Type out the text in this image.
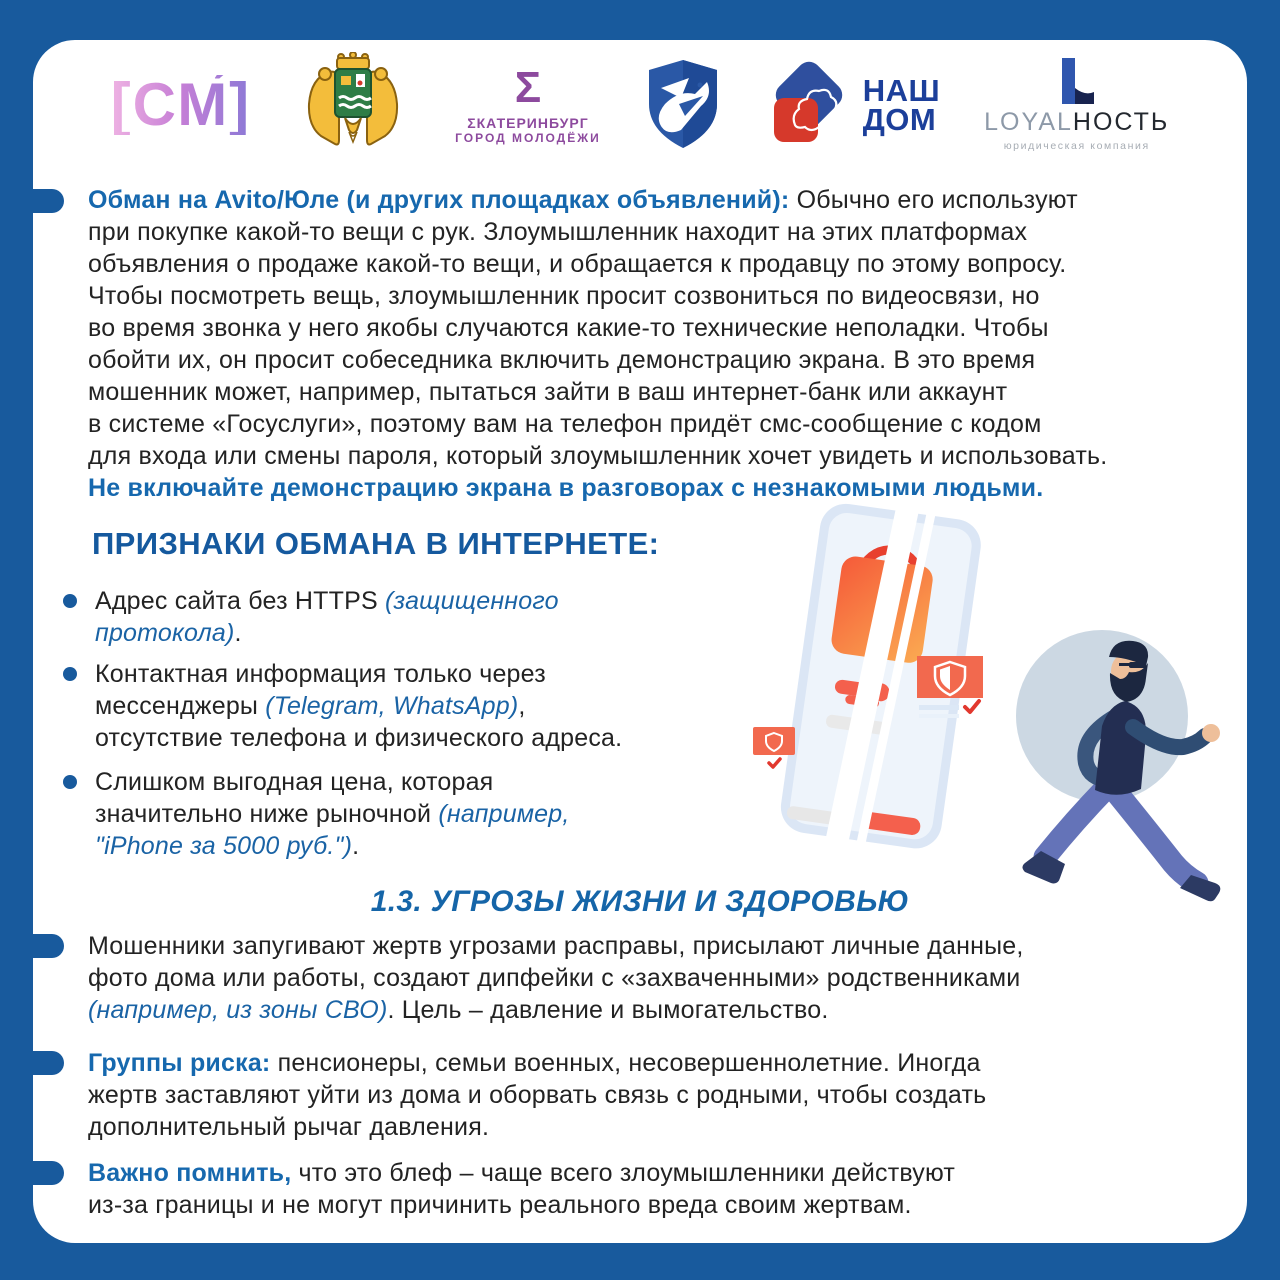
[СМ́]	Σ
ΣКАТЕРИНБУРГ
ГОРОД МОЛОДЁЖИ
НАШ
ДОМ LOYALНОСТЬ
юридическая компания

Обман на Avito/Юле (и других площадках объявлений): Обычно его используют
при покупке какой-то вещи с рук. Злоумышленник находит на этих платформах
объявления о продаже какой-то вещи, и обращается к продавцу по этому вопросу.
Чтобы посмотреть вещь, злоумышленник просит созвониться по видеосвязи, но
во время звонка у него якобы случаются какие-то технические неполадки. Чтобы
обойти их, он просит собеседника включить демонстрацию экрана. В это время
мошенник может, например, пытаться зайти в ваш интернет-банк или аккаунт
в системе «Госуслуги», поэтому вам на телефон придёт смс-сообщение с кодом
для входа или смены пароля, который злоумышленник хочет увидеть и использовать.
Не включайте демонстрацию экрана в разговорах с незнакомыми людьми.

ПРИЗНАКИ ОБМАНА В ИНТЕРНЕТЕ:
Адрес сайта без HTTPS (защищенного
протокола).
Контактная информация только через
мессенджеры (Telegram, WhatsApp),
отсутствие телефона и физического адреса.
Слишком выгодная цена, которая
значительно ниже рыночной (например,
"iPhone за 5000 руб.").
1.3. УГРОЗЫ ЖИЗНИ И ЗДОРОВЬЮ

Мошенники запугивают жертв угрозами расправы, присылают личные данные,
фото дома или работы, создают дипфейки с «захваченными» родственниками
(например, из зоны СВО). Цель – давление и вымогательство.

Группы риска: пенсионеры, семьи военных, несовершеннолетние. Иногда
жертв заставляют уйти из дома и оборвать связь с родными, чтобы создать
дополнительный рычаг давления.

Важно помнить, что это блеф – чаще всего злоумышленники действуют
из-за границы и не могут причинить реального вреда своим жертвам.
